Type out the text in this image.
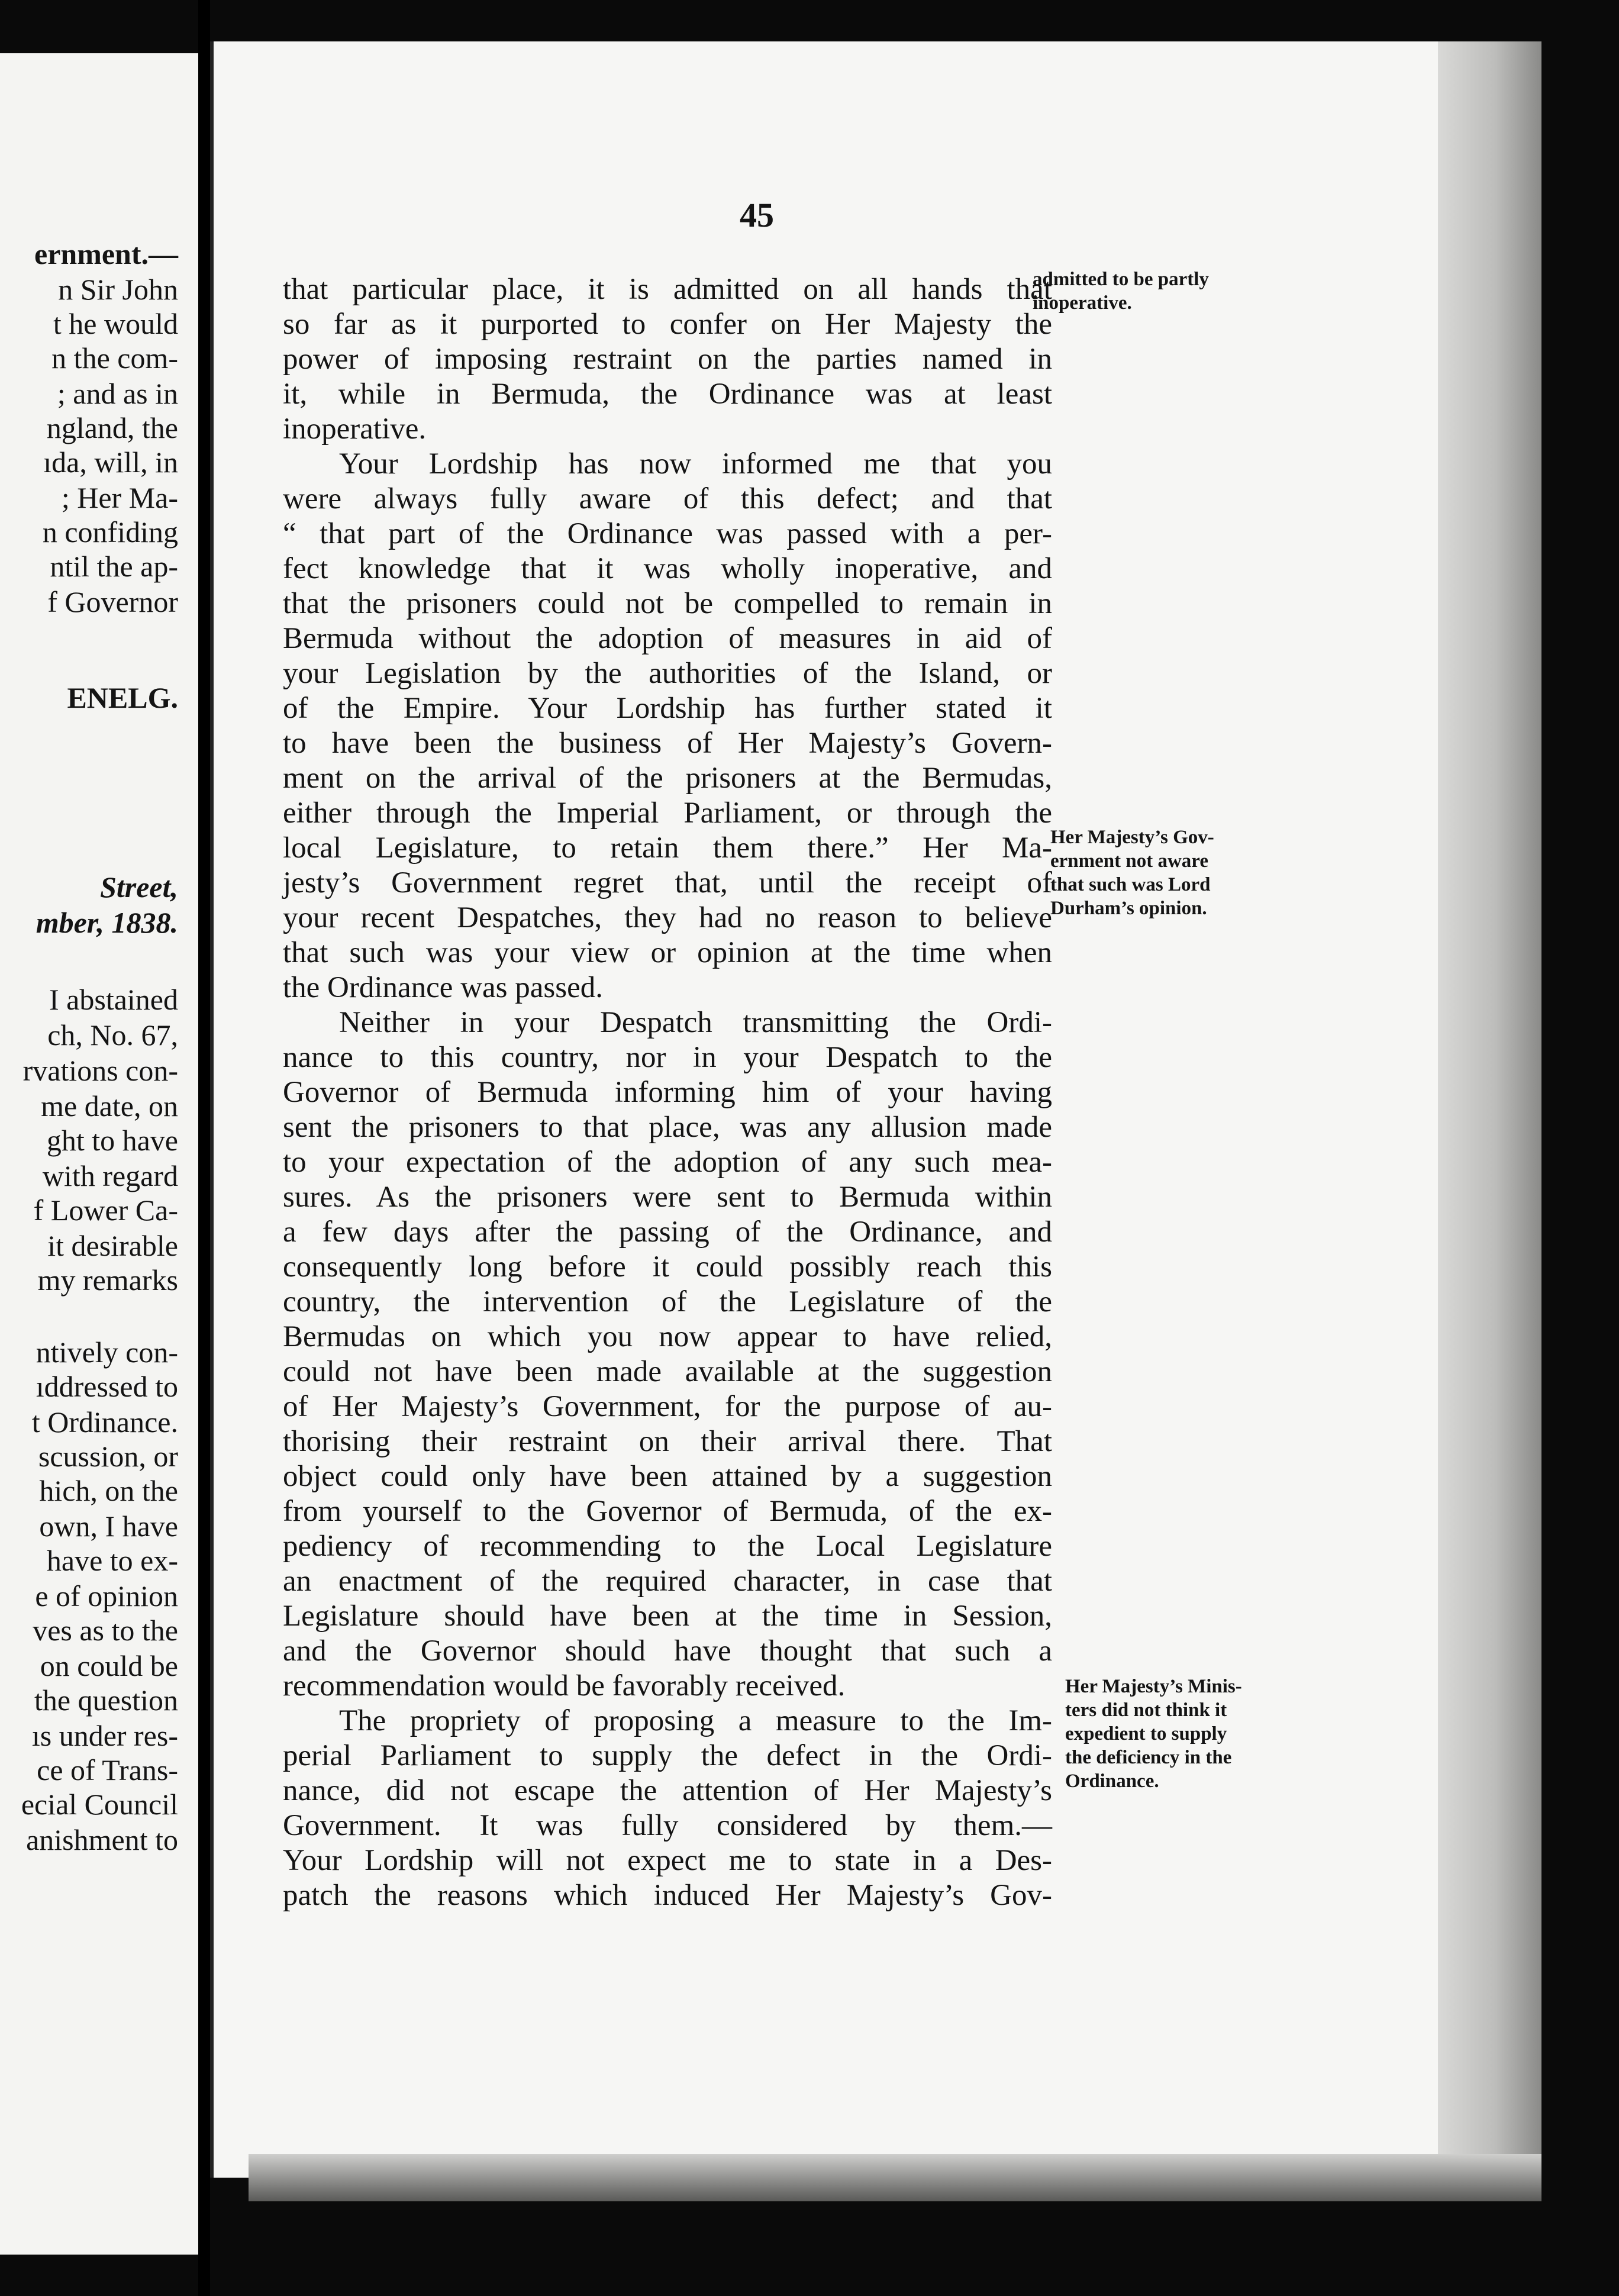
ernment.—
n Sir John
t he would
n the com-
; and as in
ngland, the
ıda, will, in
; Her Ma-
n confiding
ntil the ap-
f Governor
ENELG.
Street,
mber, 1838.
I abstained
ch, No. 67,
rvations con-
me date, on
ght to have
with regard
f Lower Ca-
it desirable
my remarks
ntively con-
ıddressed to
t Ordinance.
scussion, or
hich, on the
own, I have
have to ex-
e of opinion
ves as to the
on could be
the question
ıs under res-
ce of Trans-
ecial Council
anishment to
45
that particular place, it is admitted on all hands that
so far as it purported to confer on Her Majesty the
power of imposing restraint on the parties named in
it, while in Bermuda, the Ordinance was at least
inoperative.
Your Lordship has now informed me that you
were always fully aware of this defect; and that
“ that part of the Ordinance was passed with a per-
fect knowledge that it was wholly inoperative, and
that the prisoners could not be compelled to remain in
Bermuda without the adoption of measures in aid of
your Legislation by the authorities of the Island, or
of the Empire. Your Lordship has further stated it
to have been the business of Her Majesty’s Govern-
ment on the arrival of the prisoners at the Bermudas,
either through the Imperial Parliament, or through the
local Legislature, to retain them there.” Her Ma-
jesty’s Government regret that, until the receipt of
your recent Despatches, they had no reason to believe
that such was your view or opinion at the time when
the Ordinance was passed.
Neither in your Despatch transmitting the Ordi-
nance to this country, nor in your Despatch to the
Governor of Bermuda informing him of your having
sent the prisoners to that place, was any allusion made
to your expectation of the adoption of any such mea-
sures. As the prisoners were sent to Bermuda within
a few days after the passing of the Ordinance, and
consequently long before it could possibly reach this
country, the intervention of the Legislature of the
Bermudas on which you now appear to have relied,
could not have been made available at the suggestion
of Her Majesty’s Government, for the purpose of au-
thorising their restraint on their arrival there. That
object could only have been attained by a suggestion
from yourself to the Governor of Bermuda, of the ex-
pediency of recommending to the Local Legislature
an enactment of the required character, in case that
Legislature should have been at the time in Session,
and the Governor should have thought that such a
recommendation would be favorably received.
The propriety of proposing a measure to the Im-
perial Parliament to supply the defect in the Ordi-
nance, did not escape the attention of Her Majesty’s
Government. It was fully considered by them.—
Your Lordship will not expect me to state in a Des-
patch the reasons which induced Her Majesty’s Gov-
admitted to be partly
inoperative.
Her Majesty’s Gov-
ernment not aware
that such was Lord
Durham’s opinion.
Her Majesty’s Minis-
ters did not think it
expedient to supply
the deficiency in the
Ordinance.
